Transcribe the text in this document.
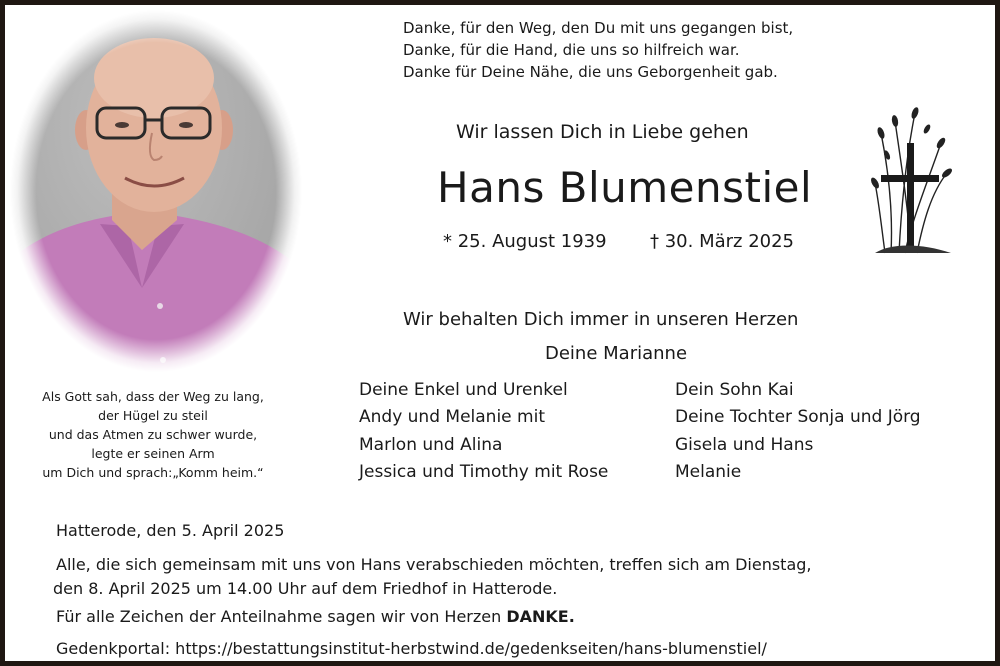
Danke, für den Weg, den Du mit uns gegangen bist,
Danke, für die Hand, die uns so hilfreich war.
Danke für Deine Nähe, die uns Geborgenheit gab.
Wir lassen Dich in Liebe gehen
Hans Blumenstiel
* 25. August 1939 † 30. März 2025
Wir behalten Dich immer in unseren Herzen
Deine Marianne
Als Gott sah, dass der Weg zu lang,
der Hügel zu steil
und das Atmen zu schwer wurde,
legte er seinen Arm
um Dich und sprach:„Komm heim.“
Deine Enkel und Urenkel
Andy und Melanie mit
Marlon und Alina
Jessica und Timothy mit Rose
Dein Sohn Kai
Deine Tochter Sonja und Jörg
Gisela und Hans
Melanie
Hatterode, den 5. April 2025
Alle, die sich gemeinsam mit uns von Hans verabschieden möchten, treffen sich am Dienstag,
den 8. April 2025 um 14.00 Uhr auf dem Friedhof in Hatterode.
Für alle Zeichen der Anteilnahme sagen wir von Herzen DANKE.
Gedenkportal: https://bestattungsinstitut-herbstwind.de/gedenkseiten/hans-blumenstiel/
